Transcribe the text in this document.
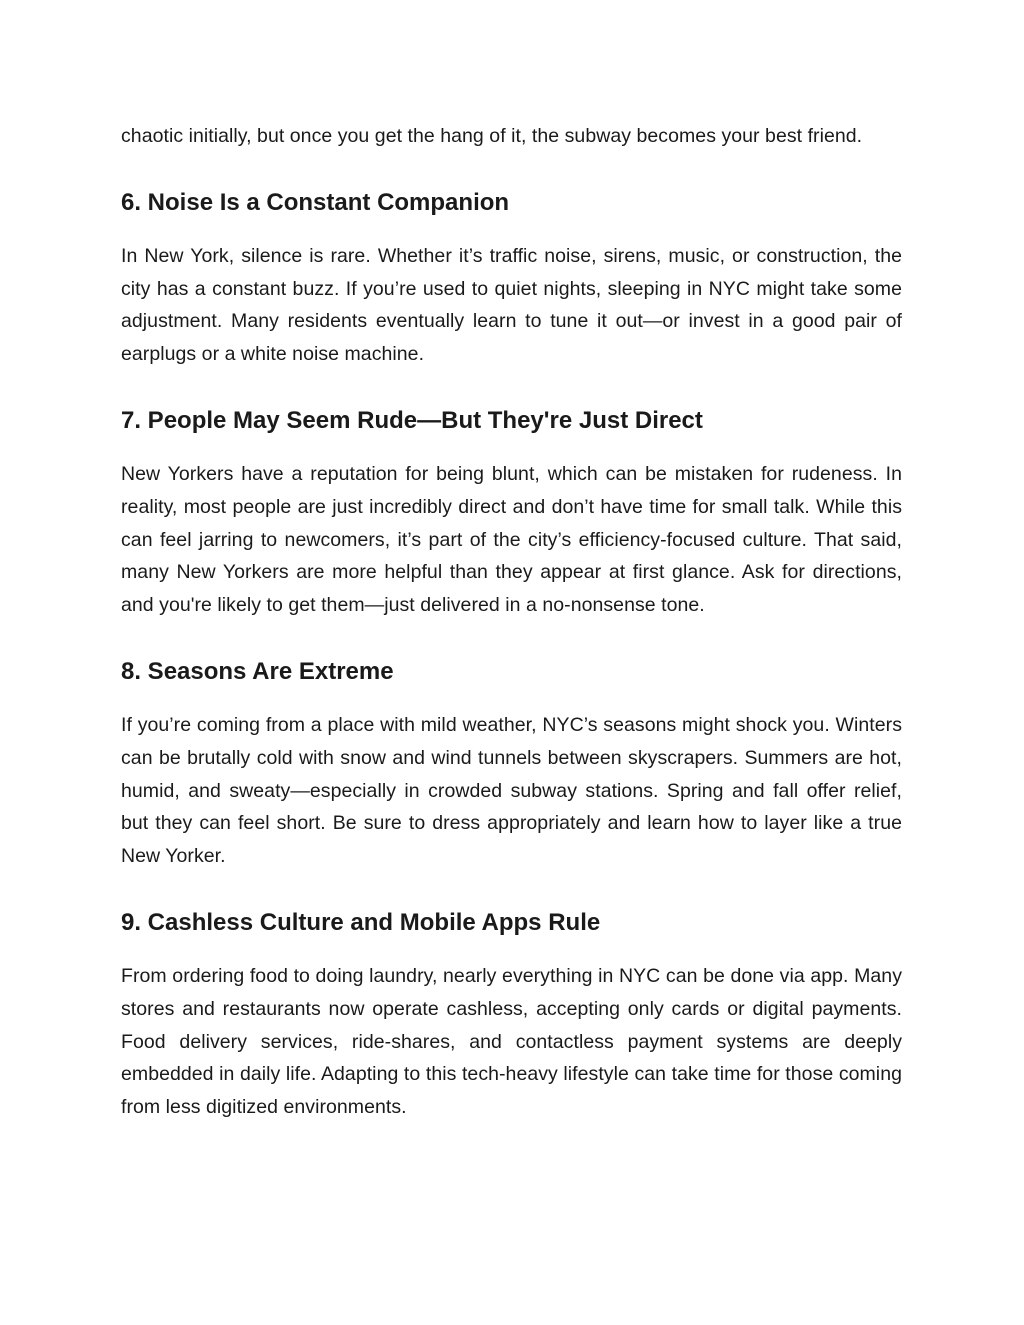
chaotic initially, but once you get the hang of it, the subway becomes your best friend.

6. Noise Is a Constant Companion

In New York, silence is rare. Whether it’s traffic noise, sirens, music, or construction, the city has a constant buzz. If you’re used to quiet nights, sleeping in NYC might take some adjustment. Many residents eventually learn to tune it out—or invest in a good pair of earplugs or a white noise machine.

7. People May Seem Rude—But They're Just Direct

New Yorkers have a reputation for being blunt, which can be mistaken for rudeness. In reality, most people are just incredibly direct and don’t have time for small talk. While this can feel jarring to newcomers, it’s part of the city’s efficiency-focused culture. That said, many New Yorkers are more helpful than they appear at first glance. Ask for directions, and you're likely to get them—just delivered in a no-nonsense tone.

8. Seasons Are Extreme

If you’re coming from a place with mild weather, NYC’s seasons might shock you. Winters can be brutally cold with snow and wind tunnels between skyscrapers. Summers are hot, humid, and sweaty—especially in crowded subway stations. Spring and fall offer relief, but they can feel short. Be sure to dress appropriately and learn how to layer like a true New Yorker.

9. Cashless Culture and Mobile Apps Rule

From ordering food to doing laundry, nearly everything in NYC can be done via app. Many stores and restaurants now operate cashless, accepting only cards or digital payments. Food delivery services, ride-shares, and contactless payment systems are deeply embedded in daily life. Adapting to this tech-heavy lifestyle can take time for those coming from less digitized environments.
